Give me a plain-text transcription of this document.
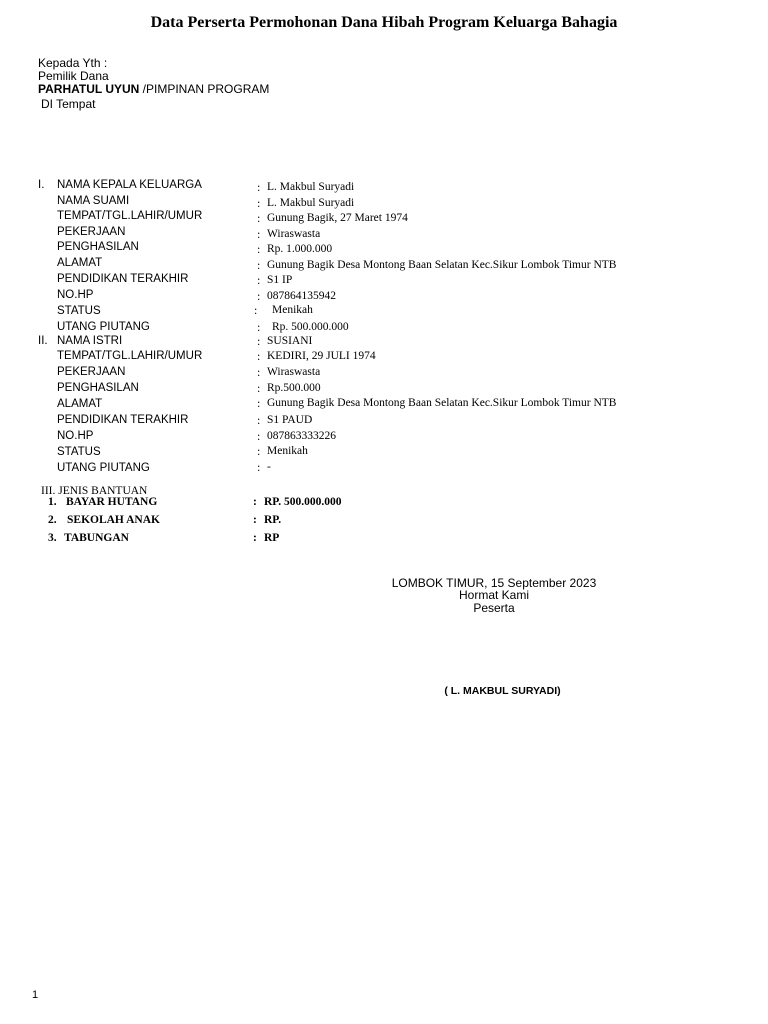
Data Perserta Permohonan Dana Hibah Program Keluarga Bahagia
Kepada Yth :
Pemilik Dana
PARHATUL UYUN /PIMPINAN PROGRAM
DI Tempat
I. NAMA KEPALA KELUARGA	: L. Makbul Suryadi
NAMA SUAMI	: L. Makbul Suryadi
TEMPAT/TGL.LAHIR/UMUR	: Gunung Bagik, 27 Maret 1974
PEKERJAAN	: Wiraswasta
PENGHASILAN	: Rp. 1.000.000
ALAMAT	: Gunung Bagik Desa Montong Baan Selatan Kec.Sikur Lombok Timur NTB
PENDIDIKAN TERAKHIR	: S1 IP
NO.HP	: 087864135942
STATUS	: Menikah
UTANG PIUTANG	: Rp. 500.000.000
II. NAMA ISTRI	: SUSIANI
TEMPAT/TGL.LAHIR/UMUR	: KEDIRI, 29 JULI 1974
PEKERJAAN	: Wiraswasta
PENGHASILAN	: Rp.500.000
ALAMAT	: Gunung Bagik Desa Montong Baan Selatan Kec.Sikur Lombok Timur NTB
PENDIDIKAN TERAKHIR	: S1 PAUD
NO.HP	: 087863333226
STATUS	: Menikah
UTANG PIUTANG	: -
III. JENIS BANTUAN
1. BAYAR HUTANG	: RP. 500.000.000
2. SEKOLAH ANAK	: RP.
3. TABUNGAN	: RP
LOMBOK TIMUR, 15 September 2023
Hormat Kami
Peserta
( L. MAKBUL SURYADI)
1
